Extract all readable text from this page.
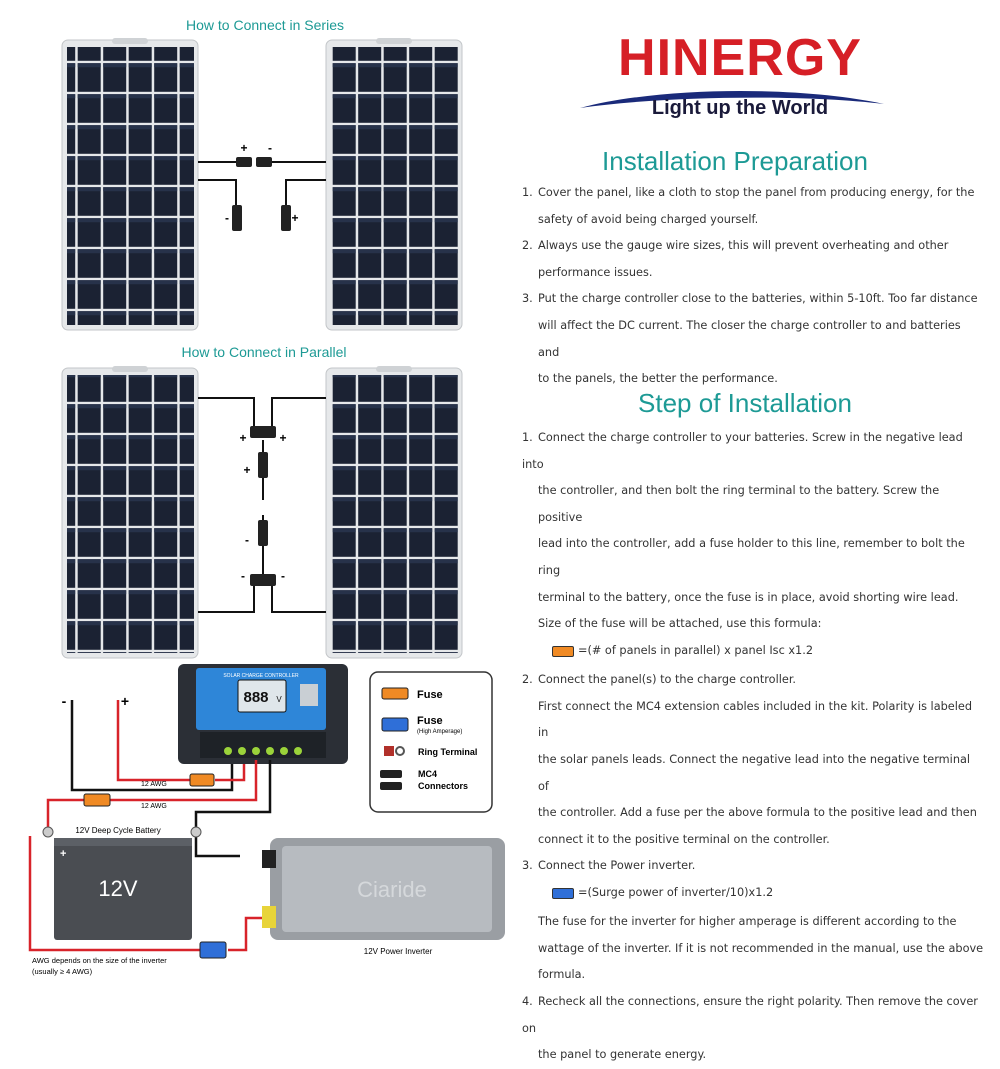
How to Connect in Series
+ -
-	+
How to Connect in Parallel
+	+
+
-
-	-
-	+
SOLAR CHARGE CONTROLLER
888 V
12 AWG
12 AWG
12V Deep Cycle Battery
12V
+
Ciaride
12V Power Inverter
AWG depends on the size of the inverter
(usually ≥ 4 AWG)
Fuse
Fuse
(High Amperage)
Ring Terminal
MC4
Connectors
HINERGY
Light up the World
Installation Preparation
1. Cover the panel, like a cloth to stop the panel from producing energy, for the
safety of avoid being charged yourself.
2. Always use the gauge wire sizes, this will prevent overheating and other
performance issues.
3. Put the charge controller close to the batteries, within 5-10ft. Too far distance
will affect the DC current. The closer the charge controller to and batteries and
to the panels, the better the performance.
Step of Installation
1. Connect the charge controller to your batteries. Screw in the negative lead into
the controller, and then bolt the ring terminal to the battery. Screw the positive
lead into the controller, add a fuse holder to this line, remember to bolt the ring
terminal to the battery, once the fuse is in place, avoid shorting wire lead.
Size of the fuse will be attached, use this formula:
=(# of panels in parallel) x panel Isc x1.2
2. Connect the panel(s) to the charge controller.
First connect the MC4 extension cables included in the kit. Polarity is labeled in
the solar panels leads. Connect the negative lead into the negative terminal of
the controller. Add a fuse per the above formula to the positive lead and then
connect it to the positive terminal on the controller.
3. Connect the Power inverter.
=(Surge power of inverter/10)x1.2
The fuse for the inverter for higher amperage is different according to the
wattage of the inverter. If it is not recommended in the manual, use the above
formula.
4. Recheck all the connections, ensure the right polarity. Then remove the cover on
the panel to generate energy.
